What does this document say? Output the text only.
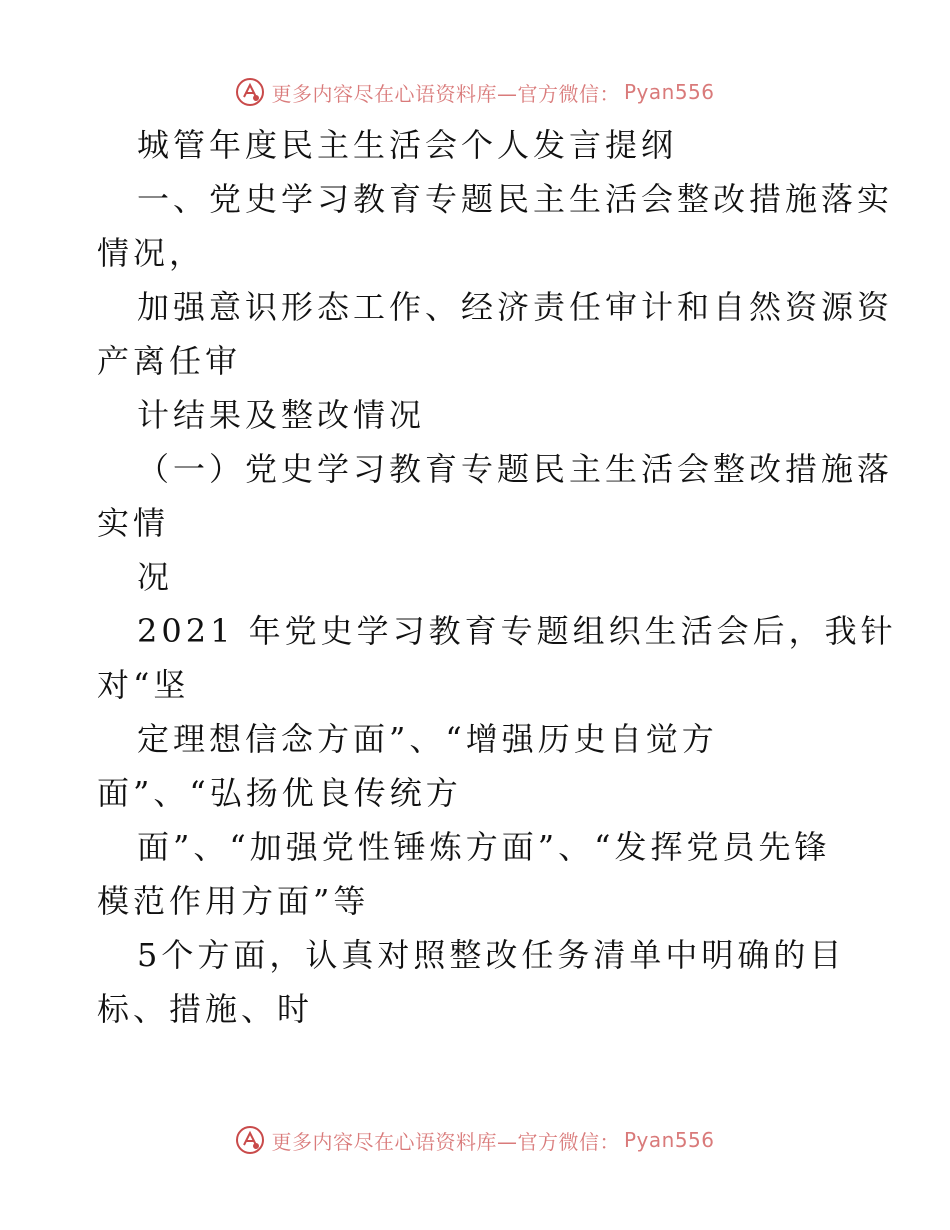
更多内容尽在心语资料库—官方微信： Pyan556
城管年度民主生活会个人发言提纲
一、党史学习教育专题民主生活会整改措施落实
情况，
加强意识形态工作、经济责任审计和自然资源资
产离任审
计结果及整改情况
（一）党史学习教育专题民主生活会整改措施落
实情
况
2021 年党史学习教育专题组织生活会后，我针
对“坚
定理想信念方面”、“增强历史自觉方
面”、“弘扬优良传统方
面”、“加强党性锤炼方面”、“发挥党员先锋
模范作用方面”等
5个方面，认真对照整改任务清单中明确的目
标、措施、时
更多内容尽在心语资料库—官方微信： Pyan556
